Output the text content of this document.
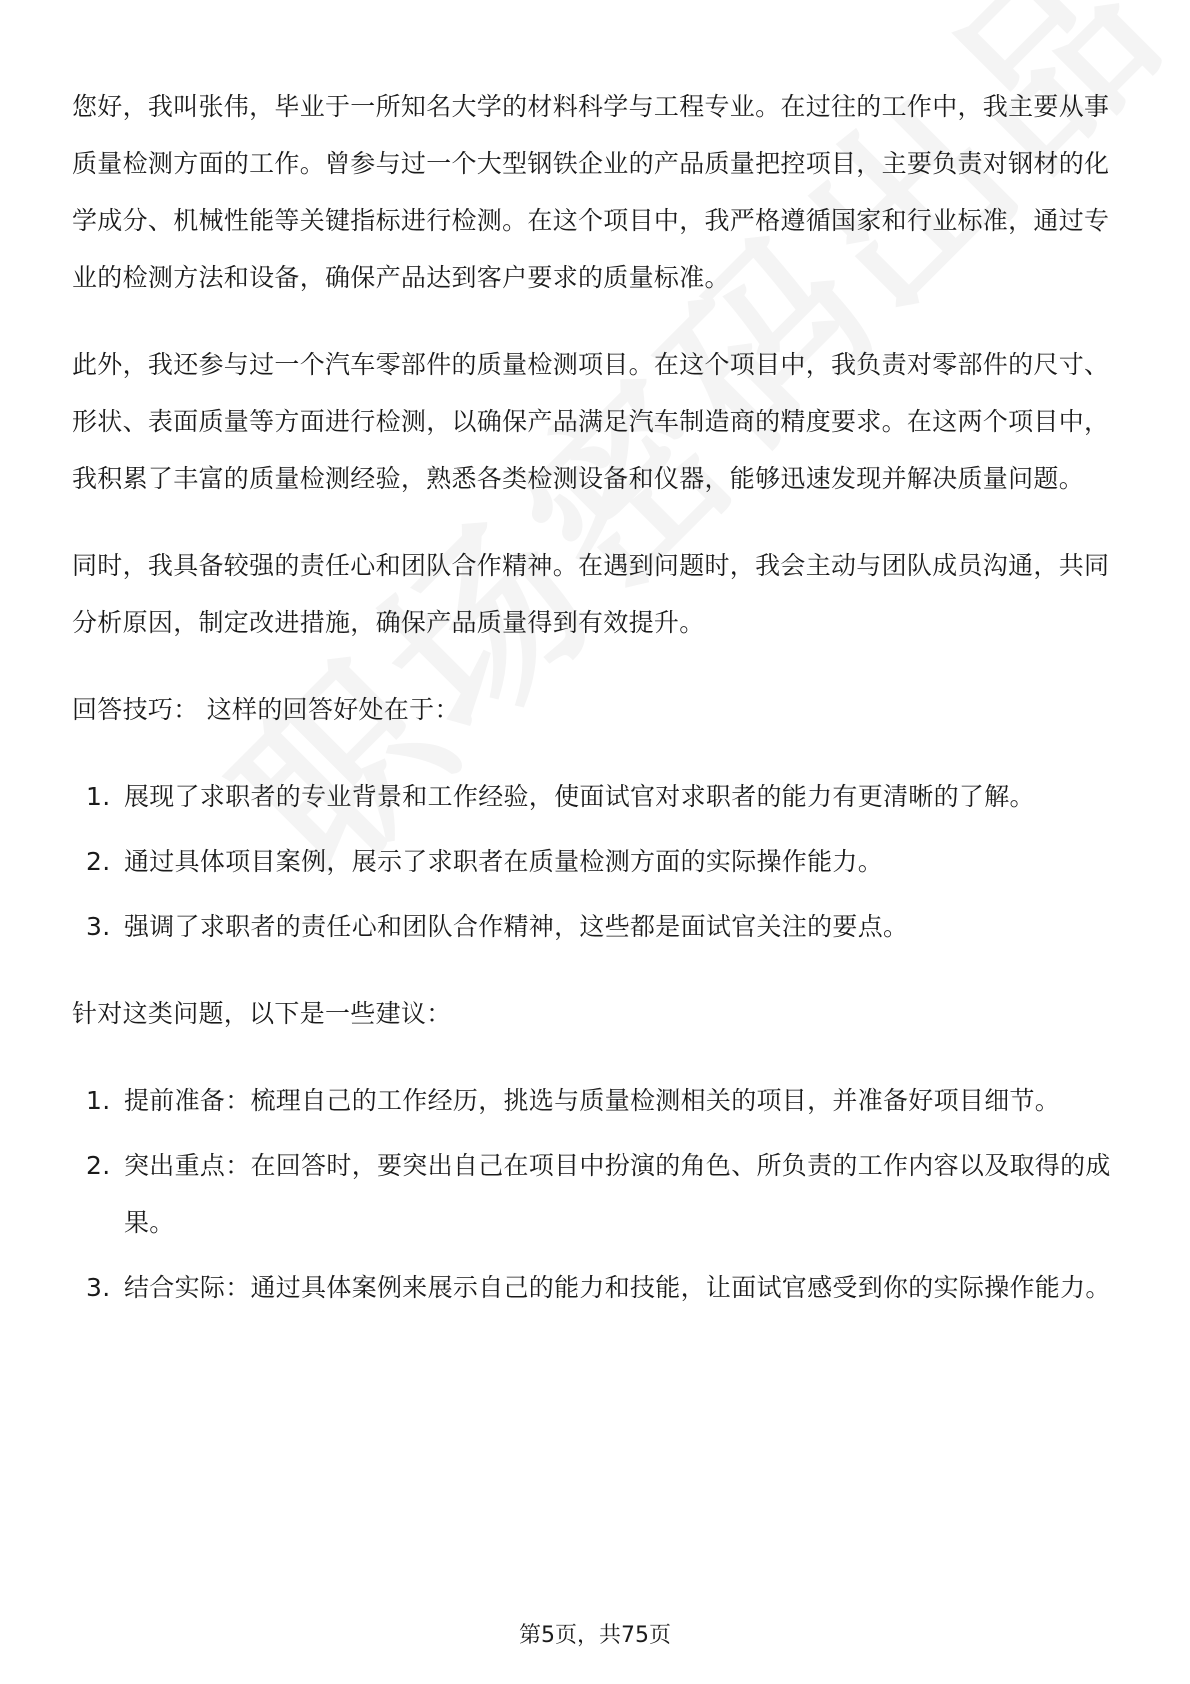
您好，我叫张伟，毕业于一所知名大学的材料科学与工程专业。在过往的工作中，我主要从事质量检测方面的工作。曾参与过一个大型钢铁企业的产品质量把控项目，主要负责对钢材的化学成分、机械性能等关键指标进行检测。在这个项目中，我严格遵循国家和行业标准，通过专业的检测方法和设备，确保产品达到客户要求的质量标准。

此外，我还参与过一个汽车零部件的质量检测项目。在这个项目中，我负责对零部件的尺寸、形状、表面质量等方面进行检测，以确保产品满足汽车制造商的精度要求。在这两个项目中，我积累了丰富的质量检测经验，熟悉各类检测设备和仪器，能够迅速发现并解决质量问题。

同时，我具备较强的责任心和团队合作精神。在遇到问题时，我会主动与团队成员沟通，共同分析原因，制定改进措施，确保产品质量得到有效提升。

回答技巧： 这样的回答好处在于：

1. 展现了求职者的专业背景和工作经验，使面试官对求职者的能力有更清晰的了解。
2. 通过具体项目案例，展示了求职者在质量检测方面的实际操作能力。
3. 强调了求职者的责任心和团队合作精神，这些都是面试官关注的要点。

针对这类问题，以下是一些建议：

1. 提前准备：梳理自己的工作经历，挑选与质量检测相关的项目，并准备好项目细节。
2. 突出重点：在回答时，要突出自己在项目中扮演的角色、所负责的工作内容以及取得的成果。
3. 结合实际：通过具体案例来展示自己的能力和技能，让面试官感受到你的实际操作能力。
第5页，共75页
